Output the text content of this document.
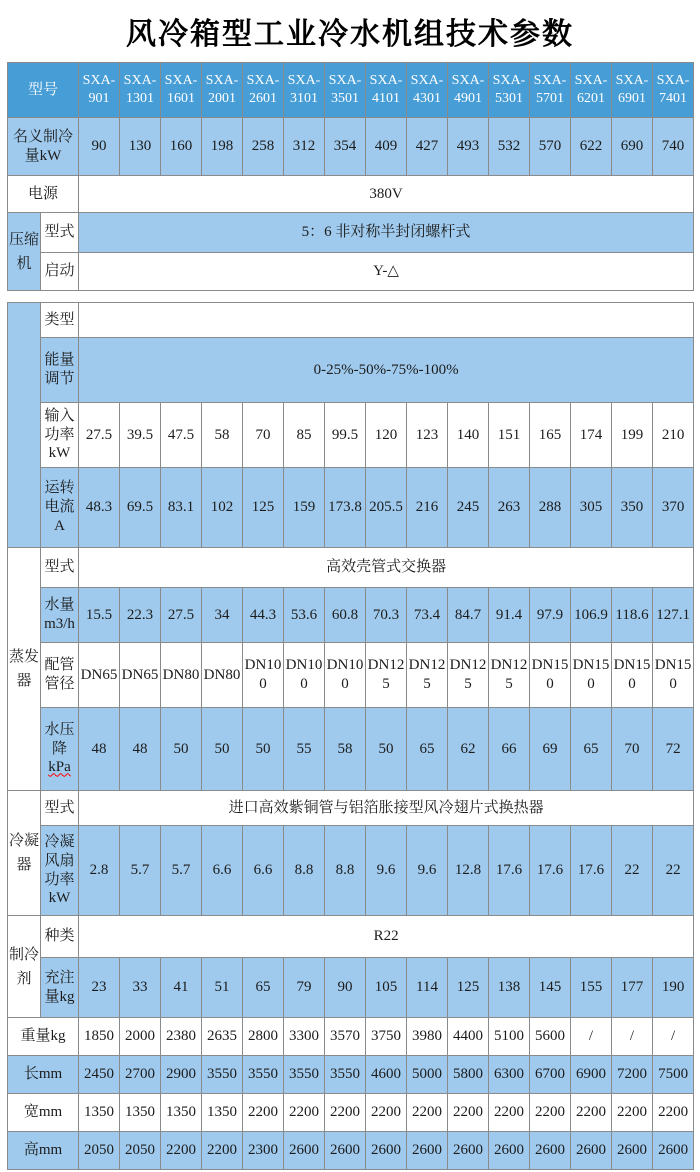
风冷箱型工业冷水机组技术参数
型号		SXA-901	SXA-1301	SXA-1601	SXA-2001	SXA-2601	SXA-3101	SXA-3501	SXA-4101	SXA-4301	SXA-4901	SXA-5301	SXA-5701	SXA-6201	SXA-6901	SXA-7401
名义制冷量kW		90	130	160	198	258	312	354	409	427	493	532	570	622	690	740
电源		380V														
压缩机	型式	5：6 非对称半封闭螺杆式														
	启动	Y-△														
	类型															
	能量调节	0-25%-50%-75%-100%														
	输入功率kW	27.5	39.5	47.5	58	70	85	99.5	120	123	140	151	165	174	199	210
	运转电流A	48.3	69.5	83.1	102	125	159	173.8	205.5	216	245	263	288	305	350	370
蒸发器	型式	高效壳管式交换器														
	水量m3/h	15.5	22.3	27.5	34	44.3	53.6	60.8	70.3	73.4	84.7	91.4	97.9	106.9	118.6	127.1
	配管管径	DN65	DN65	DN80	DN80	DN100	DN100	DN100	DN125	DN125	DN125	DN125	DN150	DN150	DN150	DN150
	水压降kPa	48	48	50	50	50	55	58	50	65	62	66	69	65	70	72
冷凝器	型式	进口高效紫铜管与铝箔胀接型风冷翅片式换热器														
	冷凝风扇功率kW	2.8	5.7	5.7	6.6	6.6	8.8	8.8	9.6	9.6	12.8	17.6	17.6	17.6	22	22
制冷剂	种类	R22														
	充注量kg	23	33	41	51	65	79	90	105	114	125	138	145	155	177	190
重量kg		1850	2000	2380	2635	2800	3300	3570	3750	3980	4400	5100	5600	/	/	/
长mm		2450	2700	2900	3550	3550	3550	3550	4600	5000	5800	6300	6700	6900	7200	7500
宽mm		1350	1350	1350	1350	2200	2200	2200	2200	2200	2200	2200	2200	2200	2200	2200
高mm		2050	2050	2200	2200	2300	2600	2600	2600	2600	2600	2600	2600	2600	2600	2600
